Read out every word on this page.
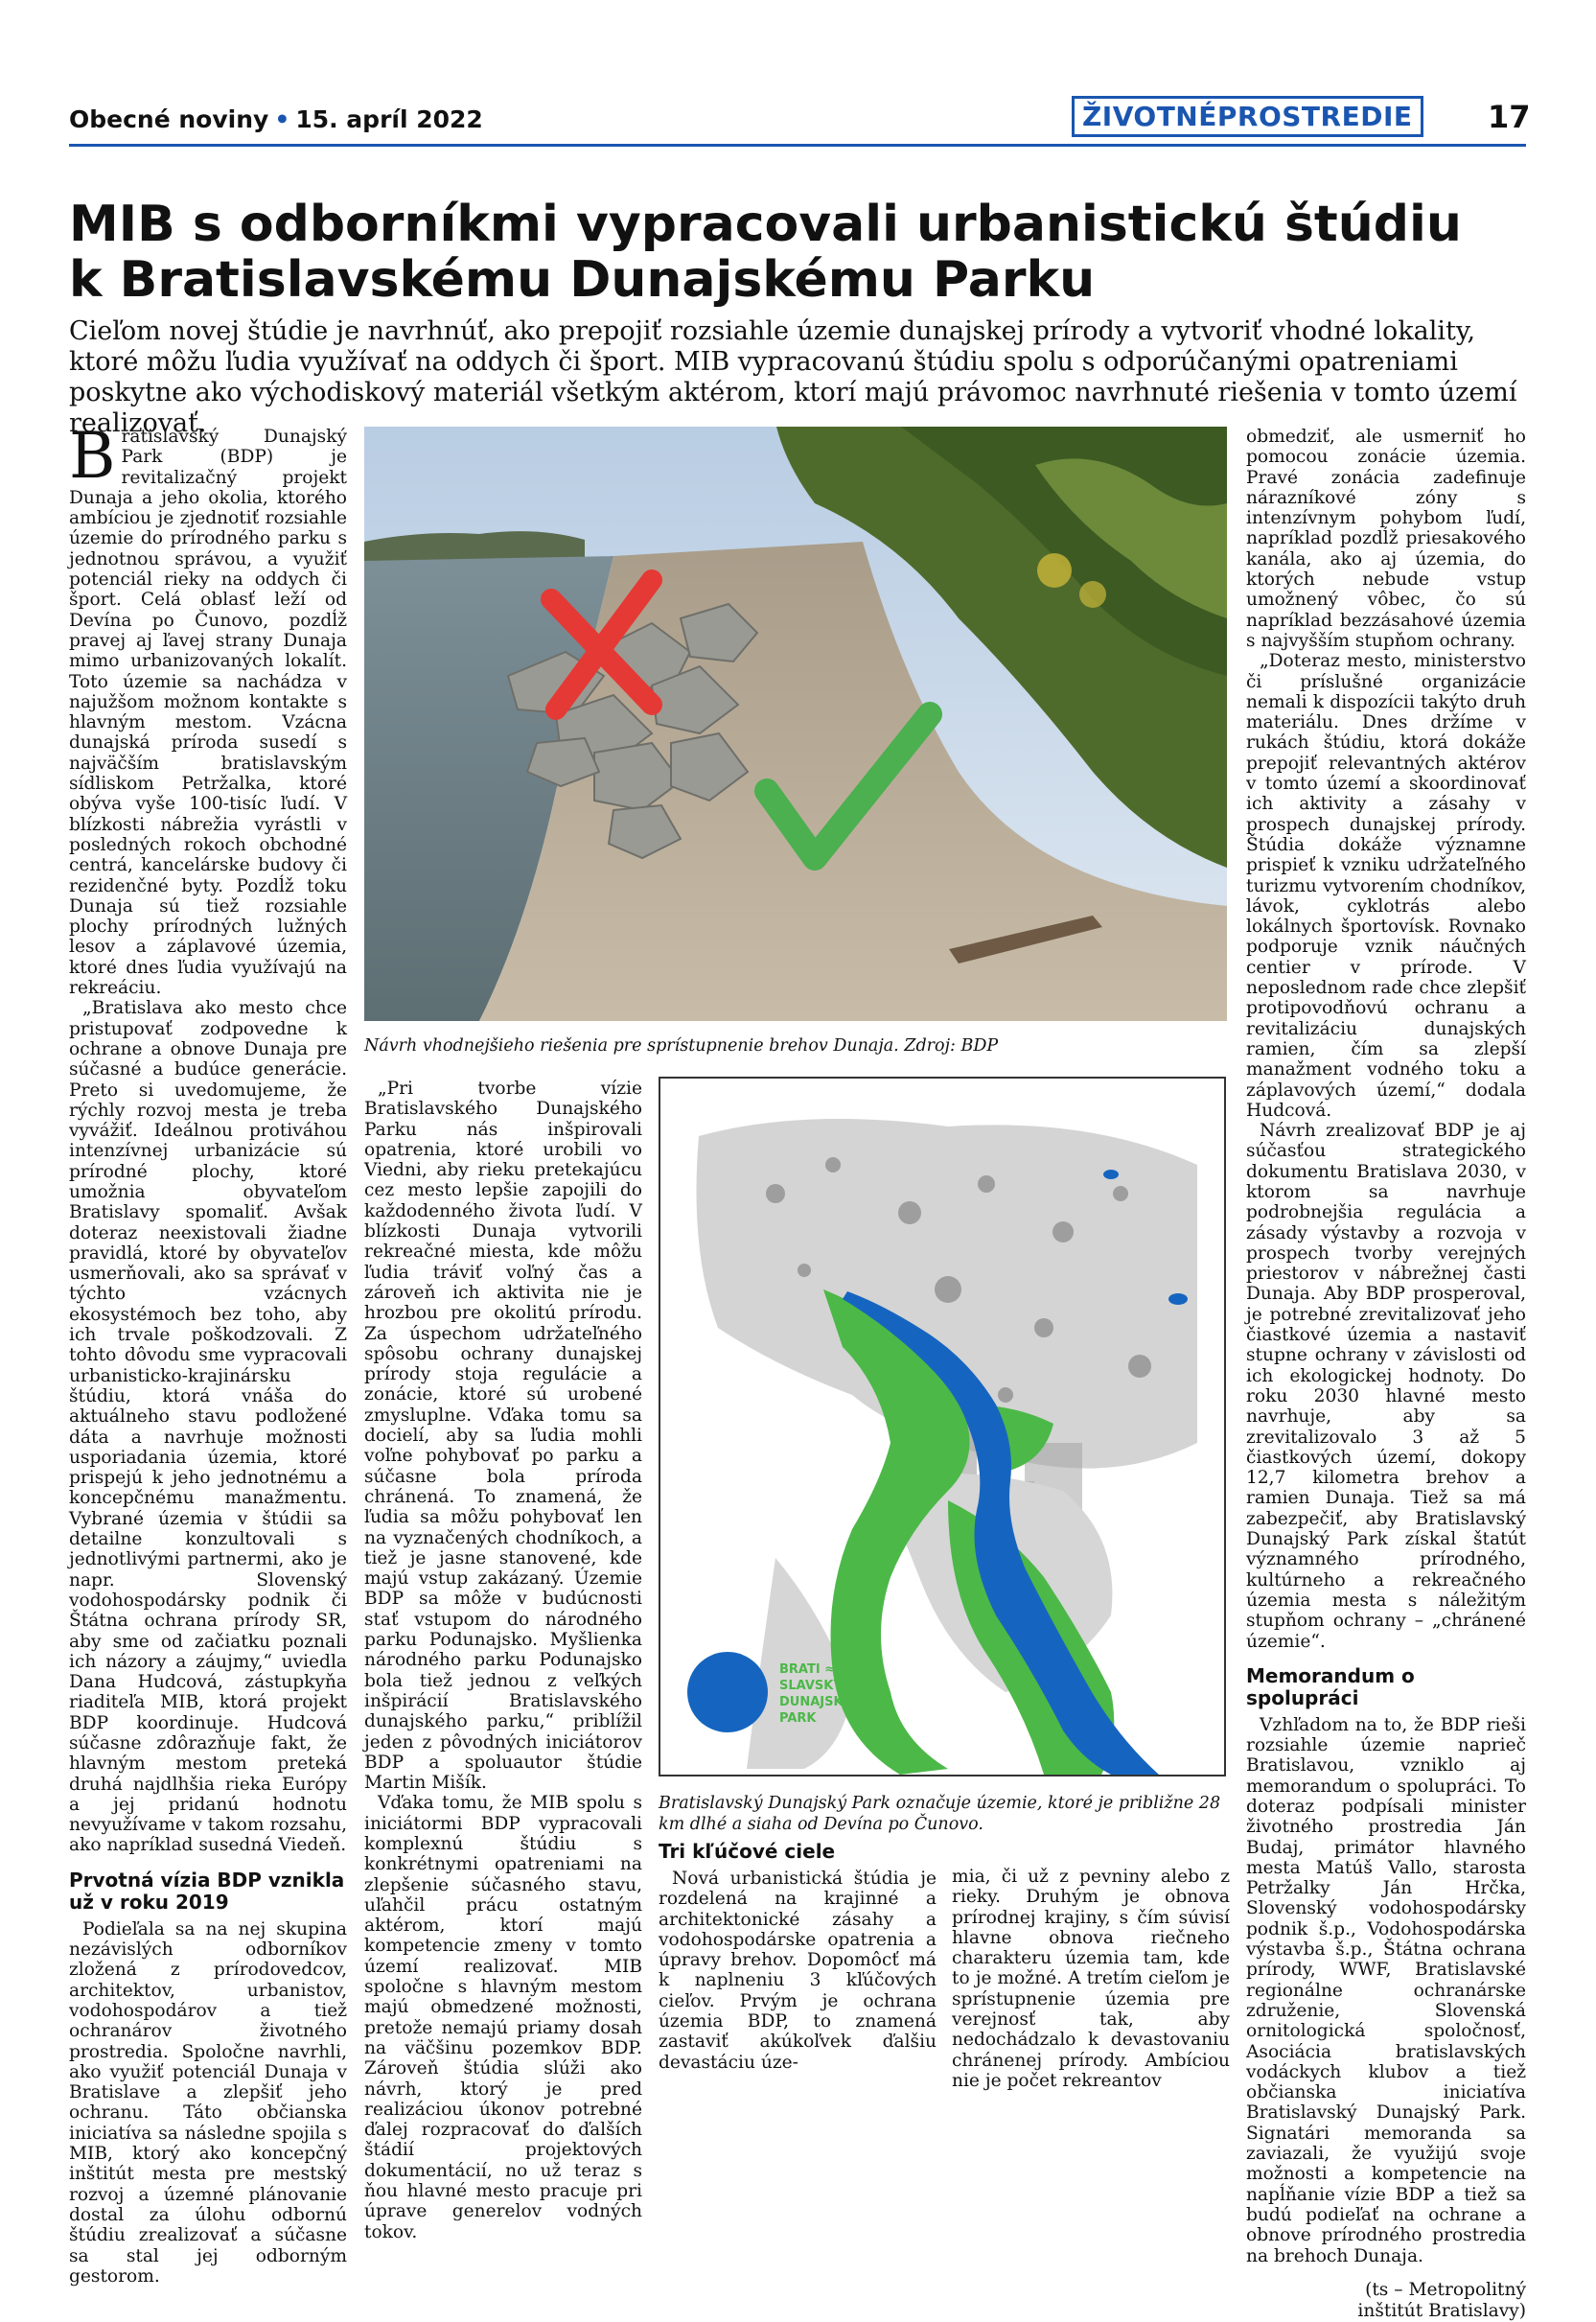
Obecné noviny • 15. apríl 2022	ŽIVOTNÉPROSTREDIE	17
MIB s odborníkmi vypracovali urbanistickú štúdiu
k Bratislavskému Dunajskému Parku
Cieľom novej štúdie je navrhnúť, ako prepojiť rozsiahle územie dunajskej prírody a vytvoriť vhodné lokality, ktoré môžu ľudia využívať na oddych či šport. MIB vypracovanú štúdiu spolu s odporúčanými opatreniami poskytne ako východiskový materiál všetkým aktérom, ktorí majú právomoc navrhnuté riešenia v tomto území realizovať.

Bratislavský Dunajský Park (BDP) je revitalizačný projekt Dunaja a jeho okolia, ktorého ambíciou je zjednotiť rozsiahle územie do prírodného parku s jednotnou správou, a využiť potenciál rieky na oddych či šport. Celá oblasť leží od Devína po Čunovo, pozdĺž pravej aj ľavej strany Dunaja mimo urbanizovaných lokalít. Toto územie sa nachádza v najužšom možnom kontakte s hlavným mestom. Vzácna dunajská príroda susedí s najväčším bratislavským sídliskom Petržalka, ktoré obýva vyše 100-tisíc ľudí. V blízkosti nábrežia vyrástli v posledných rokoch obchodné centrá, kancelárske budovy či rezidenčné byty. Pozdĺž toku Dunaja sú tiež rozsiahle plochy prírodných lužných lesov a záplavové územia, ktoré dnes ľudia využívajú na rekreáciu.

„Bratislava ako mesto chce pristupovať zodpovedne k ochrane a obnove Dunaja pre súčasné a budúce generácie. Preto si uvedomujeme, že rýchly rozvoj mesta je treba vyvážiť. Ideálnou protiváhou intenzívnej urbanizácie sú prírodné plochy, ktoré umožnia obyvateľom Bratislavy spomaliť. Avšak doteraz neexistovali žiadne pravidlá, ktoré by obyvateľov usmerňovali, ako sa správať v týchto vzácnych ekosystémoch bez toho, aby ich trvale poškodzovali. Z tohto dôvodu sme vypracovali urbanisticko-krajinársku štúdiu, ktorá vnáša do aktuálneho stavu podložené dáta a navrhuje možnosti usporiadania územia, ktoré prispejú k jeho jednotnému a koncepčnému manažmentu. Vybrané územia v štúdii sa detailne konzultovali s jednotlivými partnermi, ako je napr. Slovenský vodohospodársky podnik či Štátna ochrana prírody SR, aby sme od začiatku poznali ich názory a záujmy,“ uviedla Dana Hudcová, zástupkyňa riaditeľa MIB, ktorá projekt BDP koordinuje. Hudcová súčasne zdôrazňuje fakt, že hlavným mestom preteká druhá najdlhšia rieka Európy a jej pridanú hodnotu nevyužívame v takom rozsahu, ako napríklad susedná Viedeň.

Prvotná vízia BDP vznikla už v roku 2019

Podieľala sa na nej skupina nezávislých odborníkov zložená z prírodovedcov, architektov, urbanistov, vodohospodárov a tiež ochranárov životného prostredia. Spoločne navrhli, ako využiť potenciál Dunaja v Bratislave a zlepšiť jeho ochranu. Táto občianska iniciatíva sa následne spojila s MIB, ktorý ako koncepčný inštitút mesta pre mestský rozvoj a územné plánovanie dostal za úlohu odbornú štúdiu zrealizovať a súčasne sa stal jej odborným gestorom.

Návrh vhodnejšieho riešenia pre sprístupnenie brehov Dunaja. Zdroj: BDP

„Pri tvorbe vízie Bratislavského Dunajského Parku nás inšpirovali opatrenia, ktoré urobili vo Viedni, aby rieku pretekajúcu cez mesto lepšie zapojili do každodenného života ľudí. V blízkosti Dunaja vytvorili rekreačné miesta, kde môžu ľudia tráviť voľný čas a zároveň ich aktivita nie je hrozbou pre okolitú prírodu. Za úspechom udržateľného spôsobu ochrany dunajskej prírody stoja regulácie a zonácie, ktoré sú urobené zmysluplne. Vďaka tomu sa docielí, aby sa ľudia mohli voľne pohybovať po parku a súčasne bola príroda chránená. To znamená, že ľudia sa môžu pohybovať len na vyznačených chodníkoch, a tiež je jasne stanovené, kde majú vstup zakázaný. Územie BDP sa môže v budúcnosti stať vstupom do národného parku Podunajsko. Myšlienka národného parku Podunajsko bola tiež jednou z veľkých inšpirácií Bratislavského dunajského parku,“ priblížil jeden z pôvodných iniciátorov BDP a spoluautor štúdie Martin Mišík.

Vďaka tomu, že MIB spolu s iniciátormi BDP vypracovali komplexnú štúdiu s konkrétnymi opatreniami na zlepšenie súčasného stavu, uľahčil prácu ostatným aktérom, ktorí majú kompetencie zmeny v tomto území realizovať. MIB spoločne s hlavným mestom majú obmedzené možnosti, pretože nemajú priamy dosah na väčšinu pozemkov BDP. Zároveň štúdia slúži ako návrh, ktorý je pred realizáciou úkonov potrebné ďalej rozpracovať do ďalších štádií projektových dokumentácií, no už teraz s ňou hlavné mesto pracuje pri úprave generelov vodných tokov.

BRATI ≈
SLAVSKÝ
DUNAJSKÝ
PARK
Bratislavský Dunajský Park označuje územie, ktoré je približne 28 km dlhé a siaha od Devína po Čunovo.
Tri kľúčové ciele

Nová urbanistická štúdia je rozdelená na krajinné a architektonické zásahy a vodohospodárske opatrenia a úpravy brehov. Dopomôcť má k naplneniu 3 kľúčových cieľov. Prvým je ochrana územia BDP, to znamená zastaviť akúkoľvek ďalšiu devastáciu úze-

mia, či už z pevniny alebo z rieky. Druhým je obnova prírodnej krajiny, s čím súvisí hlavne obnova riečneho charakteru územia tam, kde to je možné. A tretím cieľom je sprístupnenie územia pre verejnosť tak, aby nedochádzalo k devastovaniu chránenej prírody. Ambíciou nie je počet rekreantov

obmedziť, ale usmerniť ho pomocou zonácie územia. Pravé zonácia zadefinuje nárazníkové zóny s intenzívnym pohybom ľudí, napríklad pozdĺž priesakového kanála, ako aj územia, do ktorých nebude vstup umožnený vôbec, čo sú napríklad bezzásahové územia s najvyšším stupňom ochrany.

„Doteraz mesto, ministerstvo či príslušné organizácie nemali k dispozícii takýto druh materiálu. Dnes držíme v rukách štúdiu, ktorá dokáže prepojiť relevantných aktérov v tomto území a skoordinovať ich aktivity a zásahy v prospech dunajskej prírody. Štúdia dokáže významne prispieť k vzniku udržateľného turizmu vytvorením chodníkov, lávok, cyklotrás alebo lokálnych športovísk. Rovnako podporuje vznik náučných centier v prírode. V neposlednom rade chce zlepšiť protipovodňovú ochranu a revitalizáciu dunajských ramien, čím sa zlepší manažment vodného toku a záplavových území,“ dodala Hudcová.

Návrh zrealizovať BDP je aj súčasťou strategického dokumentu Bratislava 2030, v ktorom sa navrhuje podrobnejšia regulácia a zásady výstavby a rozvoja v prospech tvorby verejných priestorov v nábrežnej časti Dunaja. Aby BDP prosperoval, je potrebné zrevitalizovať jeho čiastkové územia a nastaviť stupne ochrany v závislosti od ich ekologickej hodnoty. Do roku 2030 hlavné mesto navrhuje, aby sa zrevitalizovalo 3 až 5 čiastkových území, dokopy 12,7 kilometra brehov a ramien Dunaja. Tiež sa má zabezpečiť, aby Bratislavský Dunajský Park získal štatút významného prírodného, kultúrneho a rekreačného územia mesta s náležitým stupňom ochrany – „chránené územie“.

Memorandum o spolupráci

Vzhľadom na to, že BDP rieši rozsiahle územie naprieč Bratislavou, vzniklo aj memorandum o spolupráci. To doteraz podpísali minister životného prostredia Ján Budaj, primátor hlavného mesta Matúš Vallo, starosta Petržalky Ján Hrčka, Slovenský vodohospodársky podnik š.p., Vodohospodárska výstavba š.p., Štátna ochrana prírody, WWF, Bratislavské regionálne ochranárske združenie, Slovenská ornitologická spoločnosť, Asociácia bratislavských vodáckych klubov a tiež občianska iniciatíva Bratislavský Dunajský Park. Signatári memoranda sa zaviazali, že využijú svoje možnosti a kompetencie na napĺňanie vízie BDP a tiež sa budú podieľať na ochrane a obnove prírodného prostredia na brehoch Dunaja.

(ts – Metropolitný inštitút Bratislavy)
